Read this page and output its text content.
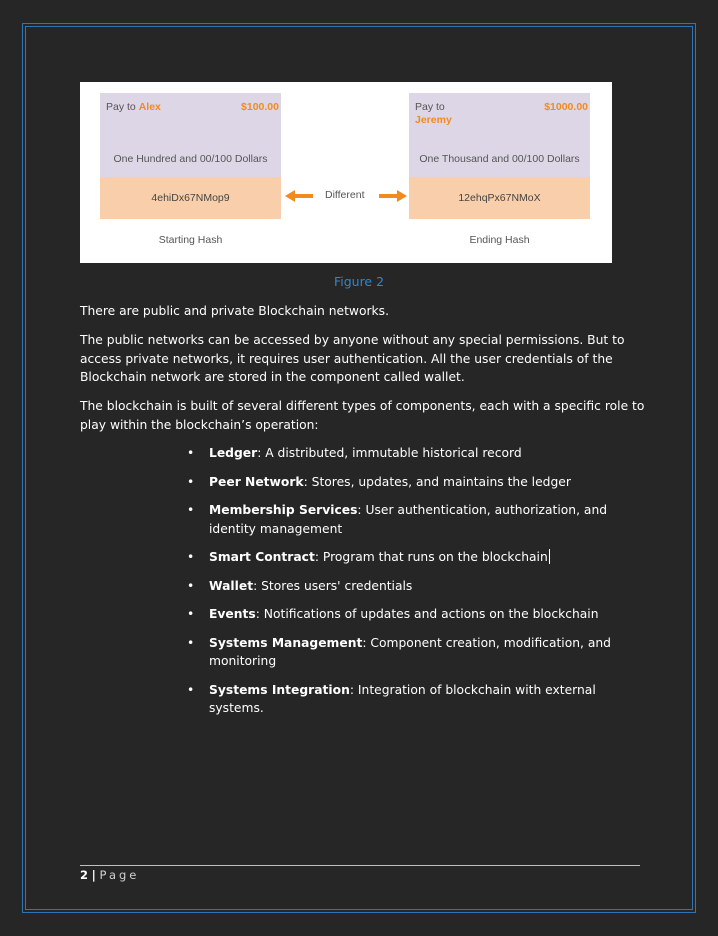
Pay to Alex	$100.00
One Hundred and 00/100 Dollars
4ehiDx67NMop9
Starting Hash
Different
Pay to
Jeremy
$1000.00
One Thousand and 00/100 Dollars
12ehqPx67NMoX
Ending Hash
Figure 2

There are public and private Blockchain networks.

The public networks can be accessed by anyone without any special permissions. But to access private networks, it requires user authentication. All the user credentials of the Blockchain network are stored in the component called wallet.

The blockchain is built of several different types of components, each with a specific role to play within the blockchain’s operation:

• Ledger: A distributed, immutable historical record
• Peer Network: Stores, updates, and maintains the ledger
• Membership Services: User authentication, authorization, and identity management
• Smart Contract: Program that runs on the blockchain
• Wallet: Stores users' credentials
• Events: Notifications of updates and actions on the blockchain
• Systems Management: Component creation, modification, and monitoring
• Systems Integration: Integration of blockchain with external systems.
2 | Page
